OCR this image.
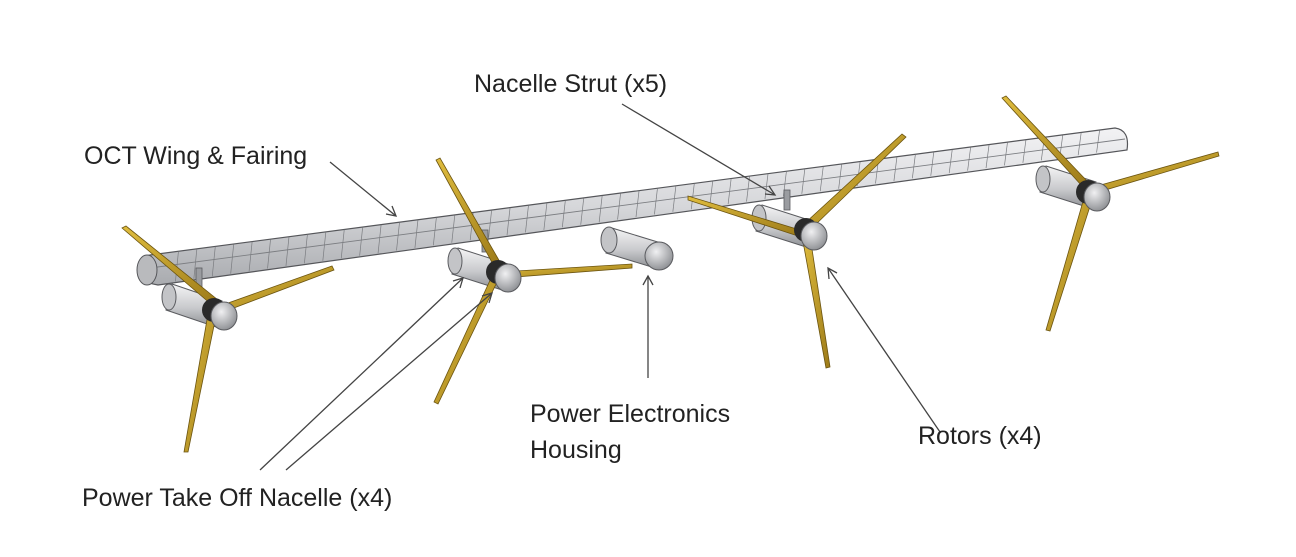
Nacelle Strut (x5)
OCT Wing & Fairing
Power Electronics
Housing	Rotors (x4)
Power Take Off Nacelle (x4)
